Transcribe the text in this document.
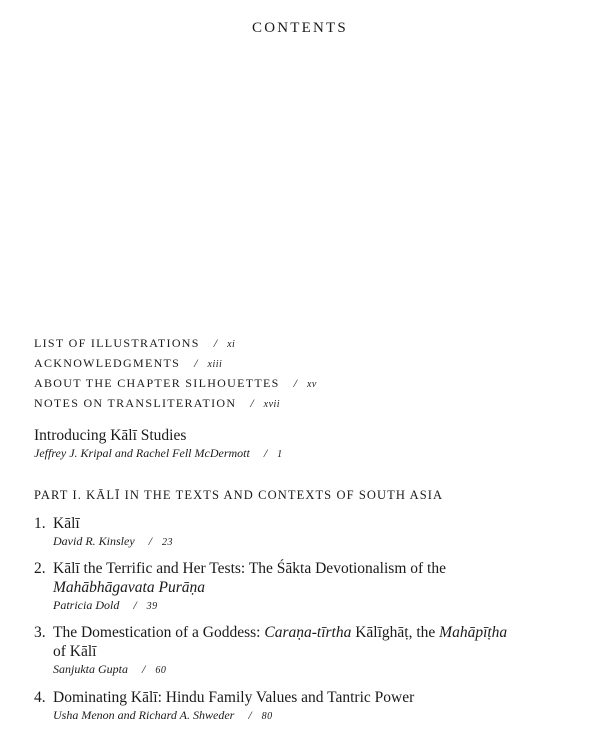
CONTENTS
LIST OF ILLUSTRATIONS / xi
ACKNOWLEDGMENTS / xiii
ABOUT THE CHAPTER SILHOUETTES / xv
NOTES ON TRANSLITERATION / xvii
Introducing Kālī Studies
Jeffrey J. Kripal and Rachel Fell McDermott / 1
PART I. KĀLĪ IN THE TEXTS AND CONTEXTS OF SOUTH ASIA
1. Kālī
David R. Kinsley / 23
2. Kālī the Terrific and Her Tests: The Śākta Devotionalism of the
Mahābhāgavata Purāṇa
Patricia Dold / 39
3. The Domestication of a Goddess: Caraṇa-tīrtha Kālīghāṭ, the Mahāpīṭha
of Kālī
Sanjukta Gupta / 60
4. Dominating Kālī: Hindu Family Values and Tantric Power
Usha Menon and Richard A. Shweder / 80
